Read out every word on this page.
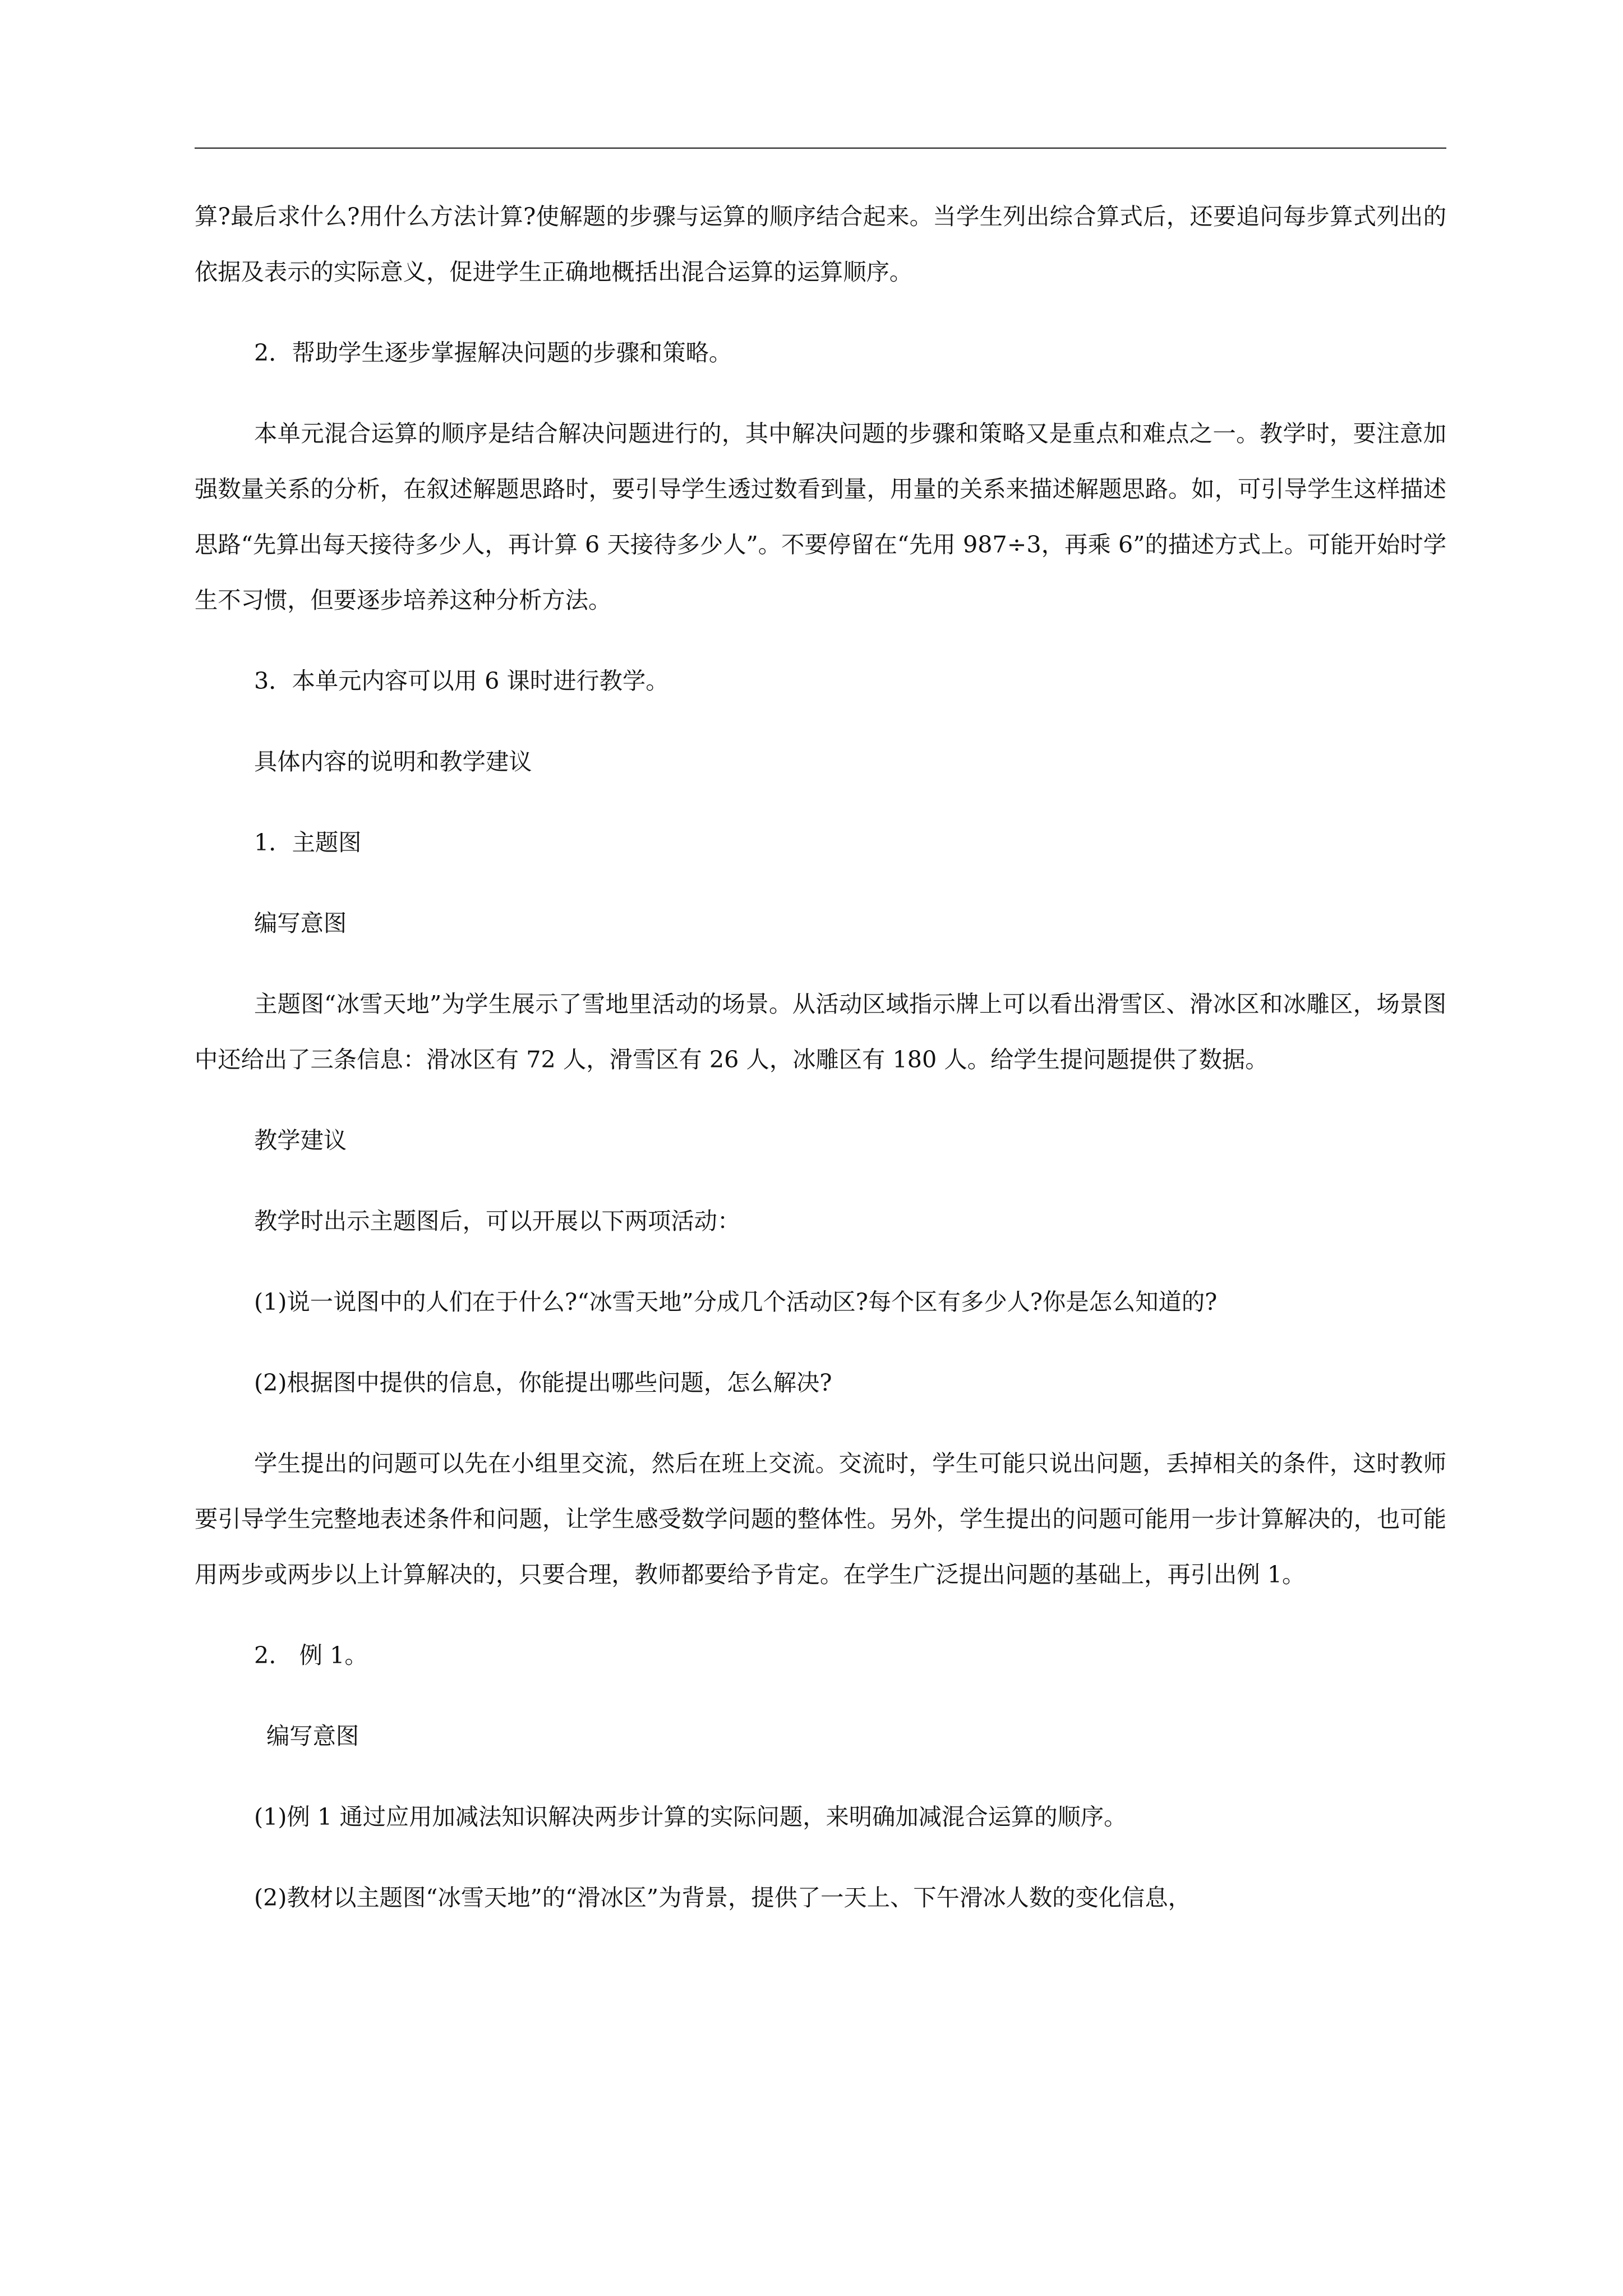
算?最后求什么?用什么方法计算?使解题的步骤与运算的顺序结合起来。当学生列出综合算式后，还要追问每步算式列出的依据及表示的实际意义，促进学生正确地概括出混合运算的运算顺序。

2．帮助学生逐步掌握解决问题的步骤和策略。

本单元混合运算的顺序是结合解决问题进行的，其中解决问题的步骤和策略又是重点和难点之一。教学时，要注意加强数量关系的分析，在叙述解题思路时，要引导学生透过数看到量，用量的关系来描述解题思路。如，可引导学生这样描述思路“先算出每天接待多少人，再计算 6 天接待多少人”。不要停留在“先用 987÷3，再乘 6”的描述方式上。可能开始时学生不习惯，但要逐步培养这种分析方法。

3．本单元内容可以用 6 课时进行教学。

具体内容的说明和教学建议

1．主题图

编写意图

主题图“冰雪天地”为学生展示了雪地里活动的场景。从活动区域指示牌上可以看出滑雪区、滑冰区和冰雕区，场景图中还给出了三条信息：滑冰区有 72 人，滑雪区有 26 人，冰雕区有 180 人。给学生提问题提供了数据。

教学建议

教学时出示主题图后，可以开展以下两项活动：

(1)说一说图中的人们在于什么?“冰雪天地”分成几个活动区?每个区有多少人?你是怎么知道的?

(2)根据图中提供的信息，你能提出哪些问题，怎么解决?

学生提出的问题可以先在小组里交流，然后在班上交流。交流时，学生可能只说出问题，丢掉相关的条件，这时教师要引导学生完整地表述条件和问题，让学生感受数学问题的整体性。另外，学生提出的问题可能用一步计算解决的，也可能用两步或两步以上计算解决的，只要合理，教师都要给予肯定。在学生广泛提出问题的基础上，再引出例 1。

2.　例 1。

编写意图

(1)例 1 通过应用加减法知识解决两步计算的实际问题，来明确加减混合运算的顺序。

(2)教材以主题图“冰雪天地”的“滑冰区”为背景，提供了一天上、下午滑冰人数的变化信息，
